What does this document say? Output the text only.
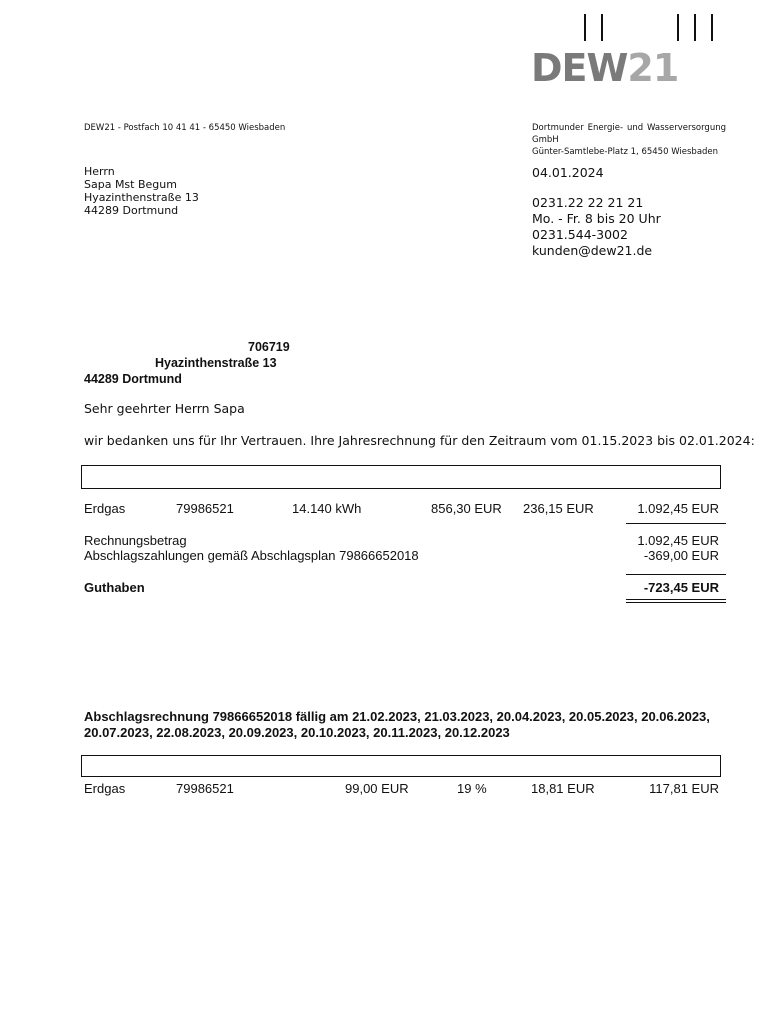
DEW21
DEW21 - Postfach 10 41 41 - 65450 Wiesbaden	Dortmunder Energie- und Wasserversorgung
GmbH
Günter-Samtlebe-Platz 1, 65450 Wiesbaden
Herrn
Sapa Mst Begum
Hyazinthenstraße 13
44289 Dortmund
04.01.2024
0231.22 22 21 21
Mo. - Fr. 8 bis 20 Uhr
0231.544-3002
kunden@dew21.de
706719
Hyazinthenstraße 13
44289 Dortmund
Sehr geehrter Herrn Sapa
wir bedanken uns für Ihr Vertrauen. Ihre Jahresrechnung für den Zeitraum vom 01.15.2023 bis 02.01.2024:
Erdgas	79986521	14.140 kWh	856,30 EUR 236,15 EUR	1.092,45 EUR
Rechnungsbetrag	1.092,45 EUR
Abschlagszahlungen gemäß Abschlagsplan 79866652018	-369,00 EUR
Guthaben	-723,45 EUR
Abschlagsrechnung 79866652018 fällig am 21.02.2023, 21.03.2023, 20.04.2023, 20.05.2023, 20.06.2023,
20.07.2023, 22.08.2023, 20.09.2023, 20.10.2023, 20.11.2023, 20.12.2023
Erdgas	79986521	99,00 EUR	19 %	18,81 EUR	117,81 EUR
